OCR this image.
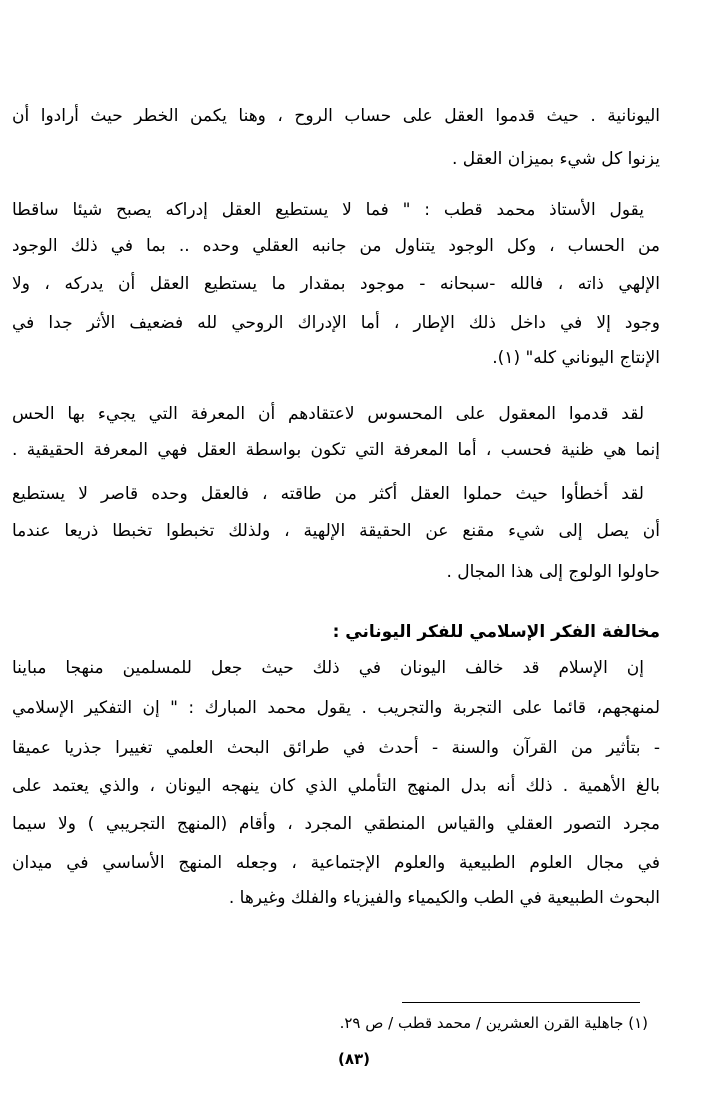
اليونانية . حيث قدموا العقل على حساب الروح ، وهنا يكمن الخطر حيث أرادوا أن
يزنوا كل شيء بميزان العقل .
يقول الأستاذ محمد قطب : " فما لا يستطيع العقل إدراكه يصبح شيئا ساقطا
من الحساب ، وكل الوجود يتناول من جانبه العقلي وحده .. بما في ذلك الوجود
الإلهي ذاته ، فالله -سبحانه - موجود بمقدار ما يستطيع العقل أن يدركه ، ولا
وجود إلا في داخل ذلك الإطار ، أما الإدراك الروحي لله فضعيف الأثر جدا في
الإنتاج اليوناني كله" (١).
لقد قدموا المعقول على المحسوس لاعتقادهم أن المعرفة التي يجيء بها الحس
إنما هي ظنية فحسب ، أما المعرفة التي تكون بواسطة العقل فهي المعرفة الحقيقية .
لقد أخطأوا حيث حملوا العقل أكثر من طاقته ، فالعقل وحده قاصر لا يستطيع
أن يصل إلى شيء مقنع عن الحقيقة الإلهية ، ولذلك تخبطوا تخبطا ذريعا عندما
حاولوا الولوج إلى هذا المجال .
مخالفة الفكر الإسلامي للفكر اليوناني :
إن الإسلام قد خالف اليونان في ذلك حيث جعل للمسلمين منهجا مباينا
لمنهجهم، قائما على التجربة والتجريب . يقول محمد المبارك : " إن التفكير الإسلامي
- بتأثير من القرآن والسنة - أحدث في طرائق البحث العلمي تغييرا جذريا عميقا
بالغ الأهمية . ذلك أنه بدل المنهج التأملي الذي كان ينهجه اليونان ، والذي يعتمد على
مجرد التصور العقلي والقياس المنطقي المجرد ، وأقام (المنهج التجريبي ) ولا سيما
في مجال العلوم الطبيعية والعلوم الإجتماعية ، وجعله المنهج الأساسي في ميدان
البحوث الطبيعية في الطب والكيمياء والفيزياء والفلك وغيرها .
(١) جاهلية القرن العشرين / محمد قطب / ص ٢٩.
(٨٣)
